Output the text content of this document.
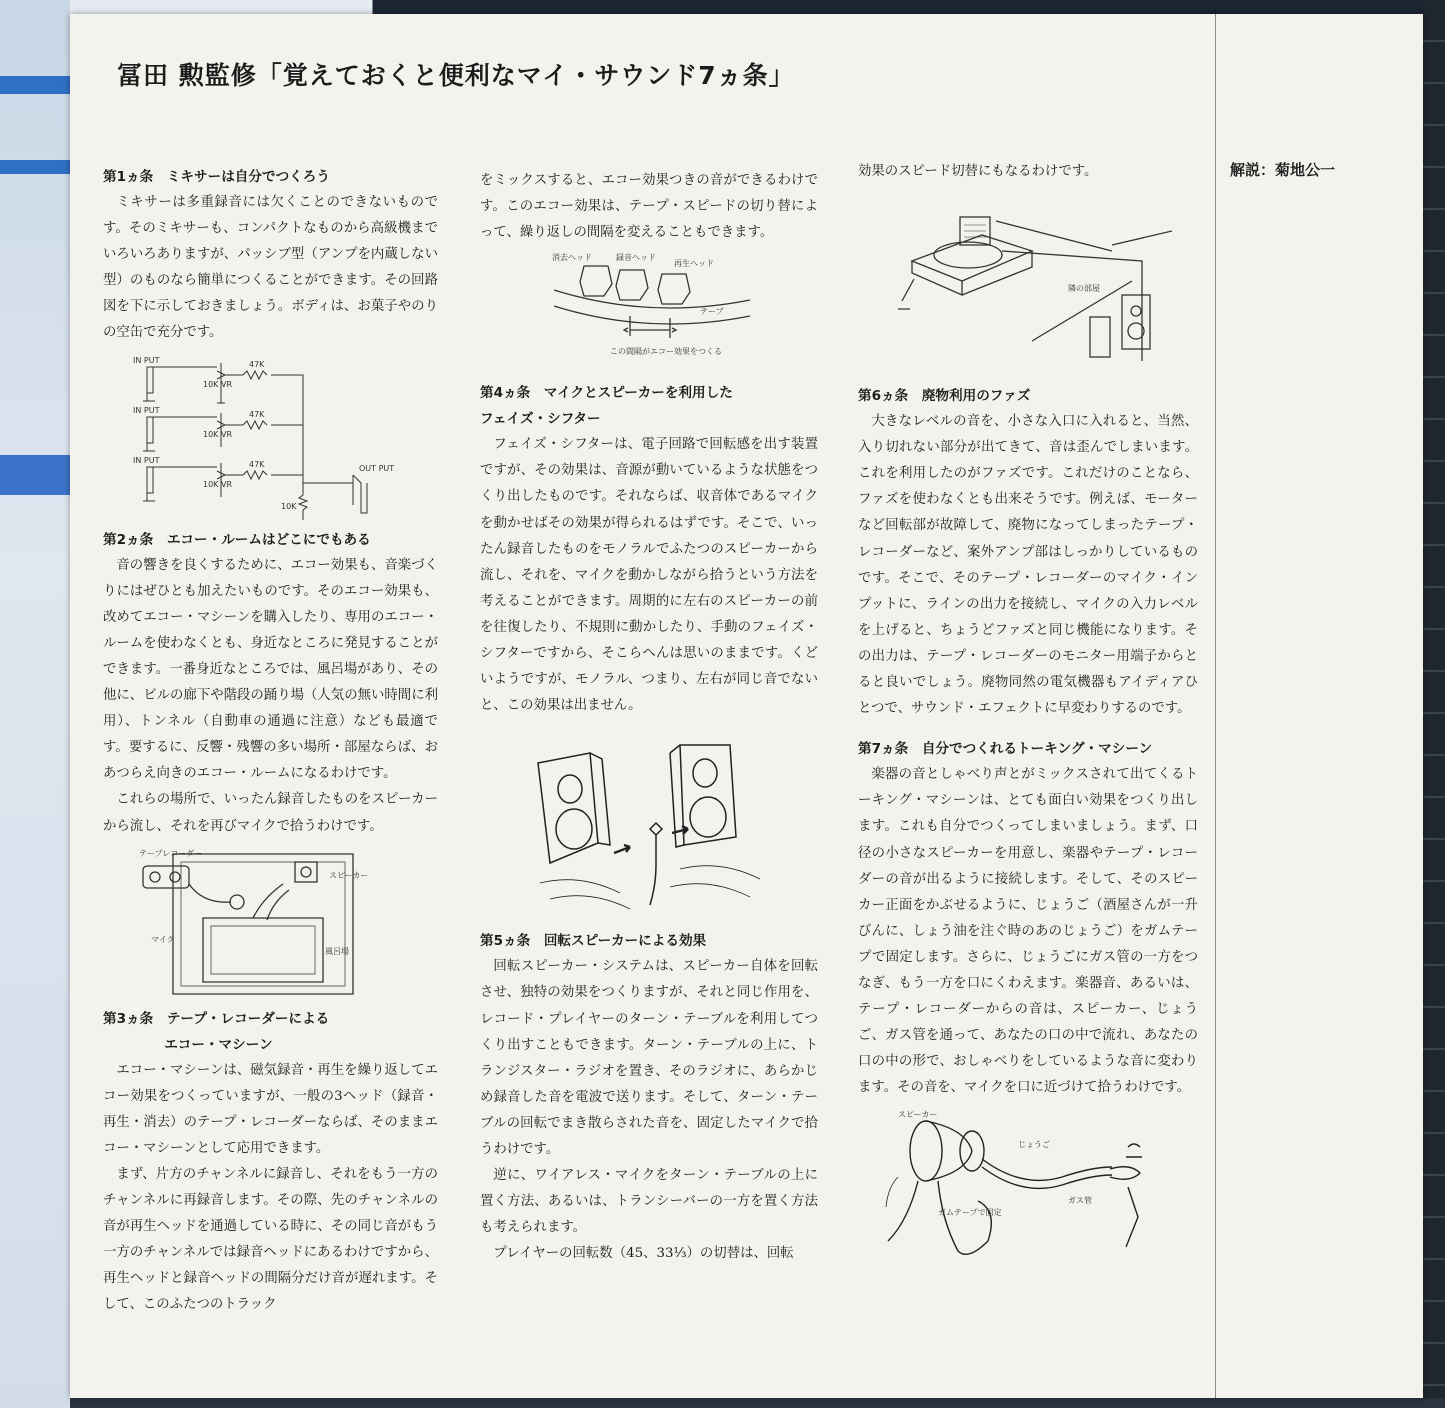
冨田 勲監修「覚えておくと便利なマイ・サウンド7ヵ条」
解説：菊地公一
第1ヵ条　ミキサーは自分でつくろう

ミキサーは多重録音には欠くことのできないものです。そのミキサーも、コンパクトなものから高級機までいろいろありますが、パッシブ型（アンプを内蔵しない型）のものなら簡単につくることができます。その回路図を下に示しておきましょう。ボディは、お菓子やのりの空缶で充分です。

IN PUT
IN PUT
IN PUT
10K VR
10K VR
10K VR
47K
47K
47K
10K
OUT PUT
第2ヵ条　エコー・ルームはどこにでもある

音の響きを良くするために、エコー効果も、音楽づくりにはぜひとも加えたいものです。そのエコー効果も、改めてエコー・マシーンを購入したり、専用のエコー・ルームを使わなくとも、身近なところに発見することができます。一番身近なところでは、風呂場があり、その他に、ビルの廊下や階段の踊り場（人気の無い時間に利用）、トンネル（自動車の通過に注意）なども最適です。要するに、反響・残響の多い場所・部屋ならば、おあつらえ向きのエコー・ルームになるわけです。

これらの場所で、いったん録音したものをスピーカーから流し、それを再びマイクで拾うわけです。

テープレコーダー
スピーカー
風呂場
マイク
第3ヵ条　テープ・レコーダーによる
エコー・マシーン

エコー・マシーンは、磁気録音・再生を繰り返してエコー効果をつくっていますが、一般の3ヘッド（録音・再生・消去）のテープ・レコーダーならば、そのままエコー・マシーンとして応用できます。

まず、片方のチャンネルに録音し、それをもう一方のチャンネルに再録音します。その際、先のチャンネルの音が再生ヘッドを通過している時に、その同じ音がもう一方のチャンネルでは録音ヘッドにあるわけですから、再生ヘッドと録音ヘッドの間隔分だけ音が遅れます。そして、このふたつのトラック

をミックスすると、エコー効果つきの音ができるわけです。このエコー効果は、テープ・スピードの切り替によって、繰り返しの間隔を変えることもできます。

消去ヘッド	録音ヘッド
再生ヘッド
テープ
この間隔がエコー効果をつくる
第4ヵ条　マイクとスピーカーを利用した
フェイズ・シフター

フェイズ・シフターは、電子回路で回転感を出す装置ですが、その効果は、音源が動いているような状態をつくり出したものです。それならば、収音体であるマイクを動かせばその効果が得られるはずです。そこで、いったん録音したものをモノラルでふたつのスピーカーから流し、それを、マイクを動かしながら拾うという方法を考えることができます。周期的に左右のスピーカーの前を往復したり、不規則に動かしたり、手動のフェイズ・シフターですから、そこらへんは思いのままです。くどいようですが、モノラル、つまり、左右が同じ音でないと、この効果は出ません。

第5ヵ条　回転スピーカーによる効果

回転スピーカー・システムは、スピーカー自体を回転させ、独特の効果をつくりますが、それと同じ作用を、レコード・プレイヤーのターン・テーブルを利用してつくり出すこともできます。ターン・テーブルの上に、トランジスター・ラジオを置き、そのラジオに、あらかじめ録音した音を電波で送ります。そして、ターン・テーブルの回転でまき散らされた音を、固定したマイクで拾うわけです。

逆に、ワイアレス・マイクをターン・テーブルの上に置く方法、あるいは、トランシーバーの一方を置く方法も考えられます。

プレイヤーの回転数（45、33⅓）の切替は、回転

効果のスピード切替にもなるわけです。

隣の部屋
第6ヵ条　廃物利用のファズ

大きなレベルの音を、小さな入口に入れると、当然、入り切れない部分が出てきて、音は歪んでしまいます。これを利用したのがファズです。これだけのことなら、ファズを使わなくとも出来そうです。例えば、モーターなど回転部が故障して、廃物になってしまったテープ・レコーダーなど、案外アンプ部はしっかりしているものです。そこで、そのテープ・レコーダーのマイク・インプットに、ラインの出力を接続し、マイクの入力レベルを上げると、ちょうどファズと同じ機能になります。その出力は、テープ・レコーダーのモニター用端子からとると良いでしょう。廃物同然の電気機器もアイディアひとつで、サウンド・エフェクトに早変わりするのです。

第7ヵ条　自分でつくれるトーキング・マシーン

楽器の音としゃべり声とがミックスされて出てくるトーキング・マシーンは、とても面白い効果をつくり出します。これも自分でつくってしまいましょう。まず、口径の小さなスピーカーを用意し、楽器やテープ・レコーダーの音が出るように接続します。そして、そのスピーカー正面をかぶせるように、じょうご（酒屋さんが一升びんに、しょう油を注ぐ時のあのじょうご）をガムテープで固定します。さらに、じょうごにガス管の一方をつなぎ、もう一方を口にくわえます。楽器音、あるいは、テープ・レコーダーからの音は、スピーカー、じょうご、ガス管を通って、あなたの口の中で流れ、あなたの口の中の形で、おしゃべりをしているような音に変わります。その音を、マイクを口に近づけて拾うわけです。

スピーカー
じょうご
ガムテープで固定
ガス管
